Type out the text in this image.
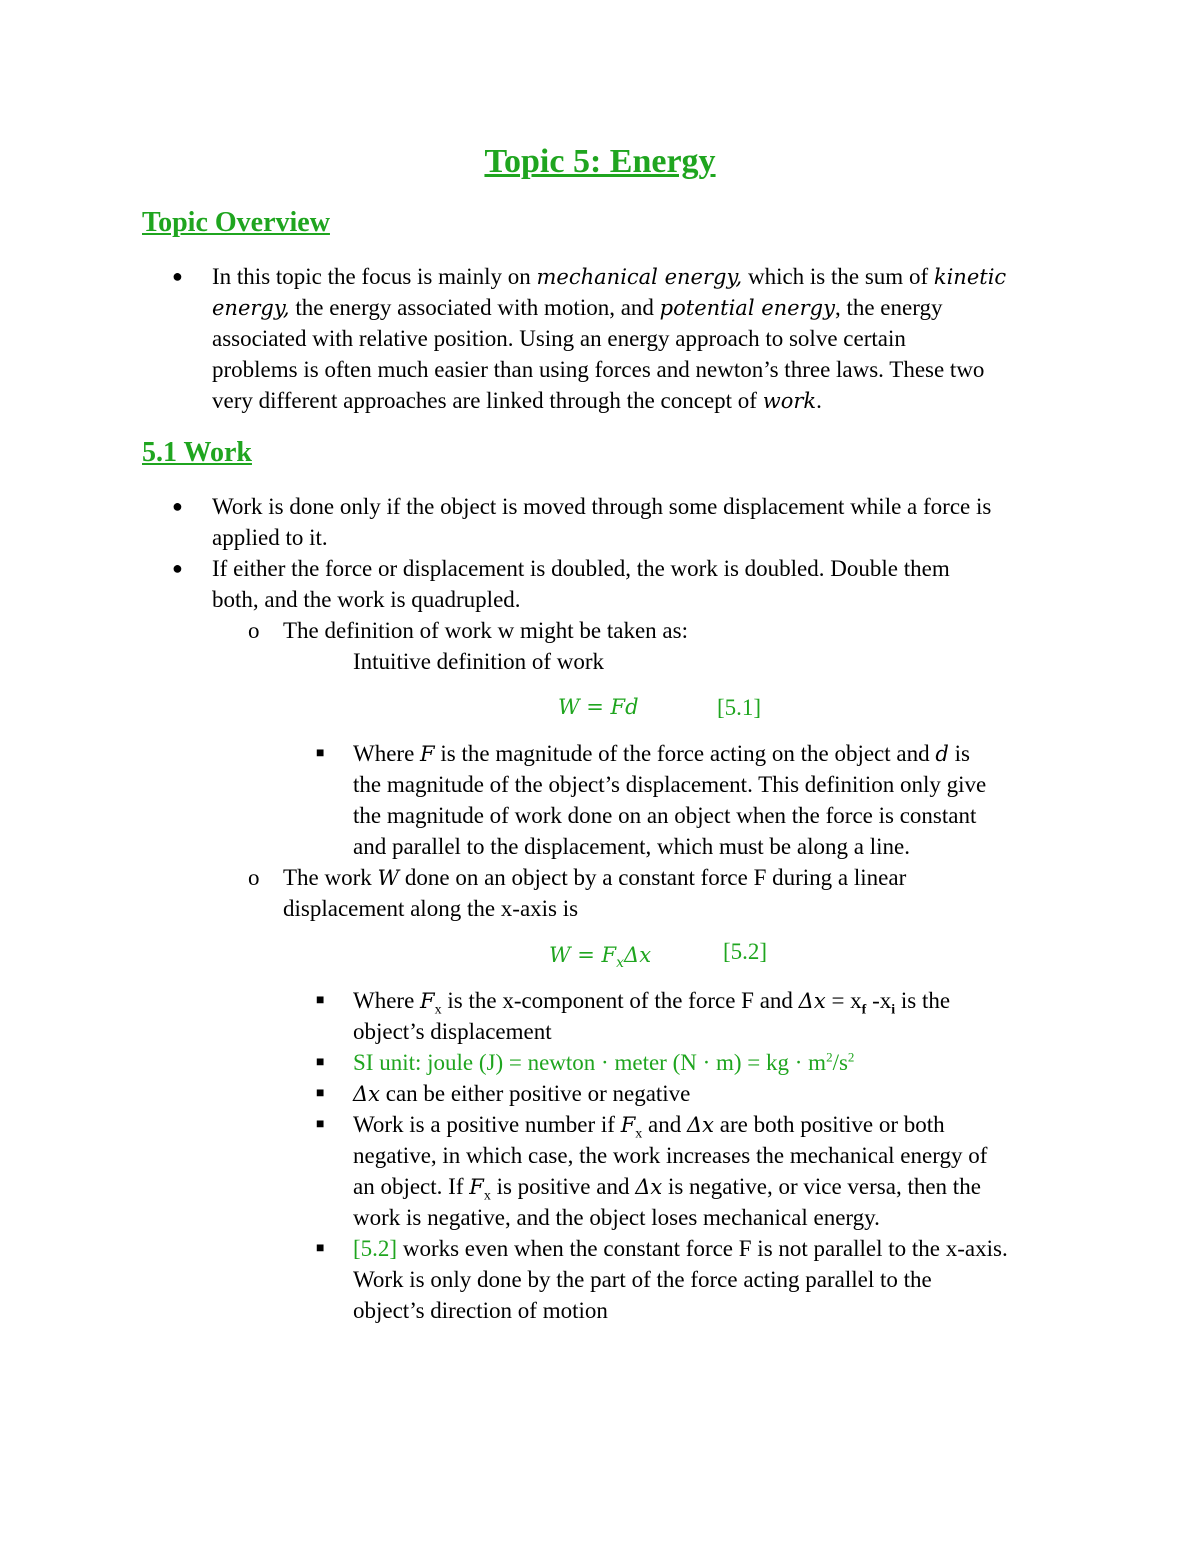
Topic 5: Energy
Topic Overview
● In this topic the focus is mainly on mechanical energy, which is the sum of kinetic
energy, the energy associated with motion, and potential energy, the energy
associated with relative position. Using an energy approach to solve certain
problems is often much easier than using forces and newton’s three laws. These two
very different approaches are linked through the concept of work.
5.1 Work
● Work is done only if the object is moved through some displacement while a force is
applied to it.
● If either the force or displacement is doubled, the work is doubled. Double them
both, and the work is quadrupled.
o The definition of work w might be taken as:
Intuitive definition of work
W = Fd	[5.1]
■ Where F is the magnitude of the force acting on the object and d is
the magnitude of the object’s displacement. This definition only give
the magnitude of work done on an object when the force is constant
and parallel to the displacement, which must be along a line.
o The work W done on an object by a constant force F during a linear
displacement along the x-axis is
$W = F_x\Delta x$	[5.2]
■ Where $F_x$ is the x-component of the force F and $\Delta x = x_f$ $-x_i$ is the
object’s displacement
■ SI unit: joule (J) = newton · meter (N · m) = kg · $m^2/s^2$
■ Δx can be either positive or negative
■ Work is a positive number if $F_x$ and Δx are both positive or both
negative, in which case, the work increases the mechanical energy of
an object. If $F_x$ is positive and Δx is negative, or vice versa, then the
work is negative, and the object loses mechanical energy.
■ [5.2] works even when the constant force F is not parallel to the x-axis.
Work is only done by the part of the force acting parallel to the
object’s direction of motion
